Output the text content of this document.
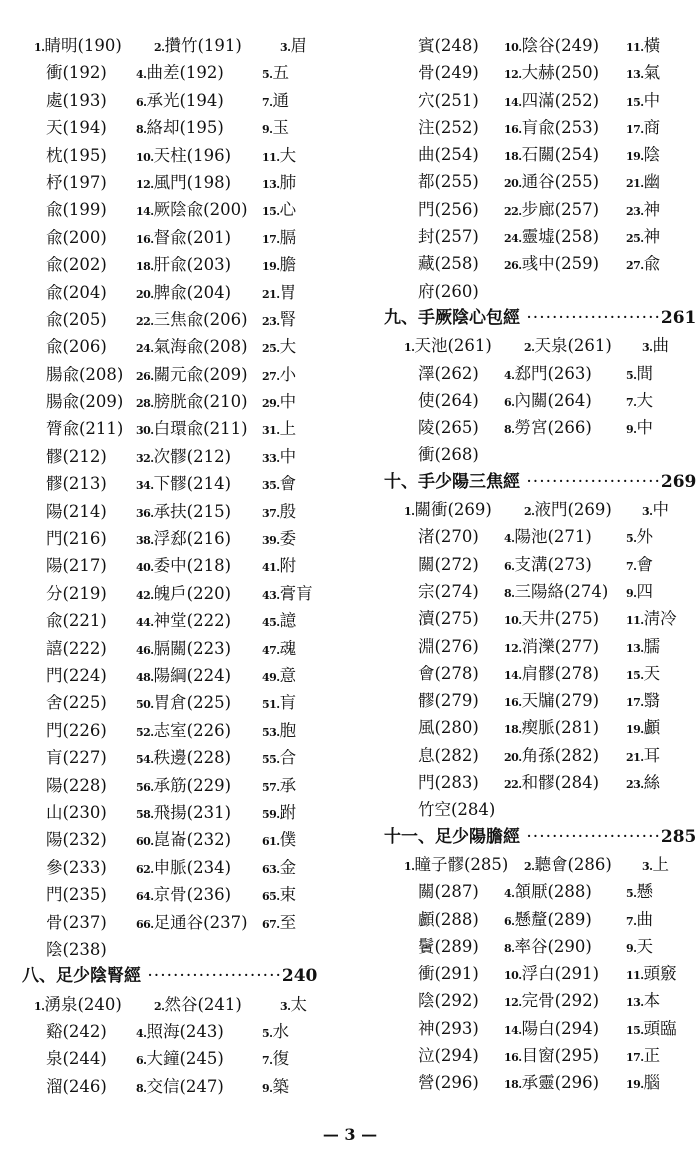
1.睛明(190)	2.攢竹(191)	3.眉
衝(192)	4.曲差(192)	5.五
處(193)	6.承光(194)	7.通
天(194)	8.絡却(195)	9.玉
枕(195)	10.天柱(196)	11.大
杼(197)	12.風門(198)	13.肺
兪(199)	14.厥陰兪(200) 15.心
兪(200)	16.督兪(201)	17.膈
兪(202)	18.肝兪(203)	19.膽
兪(204)	20.脾兪(204)	21.胃
兪(205)	22.三焦兪(206) 23.腎
兪(206)	24.氣海兪(208) 25.大
腸兪(208) 26.關元兪(209) 27.小
腸兪(209) 28.膀胱兪(210) 29.中
膂兪(211) 30.白環兪(211) 31.上
髎(212)	32.次髎(212)	33.中
髎(213)	34.下髎(214)	35.會
陽(214)	36.承扶(215)	37.殷
門(216)	38.浮郄(216)	39.委
陽(217)	40.委中(218)	41.附
分(219)	42.魄戶(220)	43.膏肓
兪(221)	44.神堂(222)	45.譩
譆(222)	46.膈關(223)	47.魂
門(224)	48.陽綱(224)	49.意
舍(225)	50.胃倉(225)	51.肓
門(226)	52.志室(226)	53.胞
肓(227)	54.秩邊(228)	55.合
陽(228)	56.承筋(229)	57.承
山(230)	58.飛揚(231)	59.跗
陽(232)	60.崑崙(232)	61.僕
參(233)	62.申脈(234)	63.金
門(235)	64.京骨(236)	65.束
骨(237)	66.足通谷(237) 67.至
陰(238)
八、足少陰腎經 ·····················240
1.湧泉(240)	2.然谷(241)	3.太
谿(242)	4.照海(243)	5.水
泉(244)	6.大鐘(245)	7.復
溜(246)	8.交信(247)	9.築
賓(248) 10.陰谷(249) 11.橫
骨(249) 12.大赫(250) 13.氣
穴(251) 14.四滿(252) 15.中
注(252) 16.肓兪(253) 17.商
曲(254) 18.石關(254) 19.陰
都(255) 20.通谷(255) 21.幽
門(256) 22.步廊(257) 23.神
封(257) 24.靈墟(258) 25.神
藏(258) 26.彧中(259) 27.兪
府(260)
九、手厥陰心包經 ·····················261
1.天池(261)	2.天泉(261)	3.曲
澤(262) 4.郄門(263)	5.間
使(264) 6.內關(264)	7.大
陵(265) 8.勞宮(266)	9.中
衝(268)
十、手少陽三焦經 ·····················269
1.關衝(269)	2.液門(269)	3.中
渚(270) 4.陽池(271)	5.外
關(272) 6.支溝(273)	7.會
宗(274) 8.三陽絡(274) 9.四
瀆(275) 10.天井(275) 11.淸冷
淵(276) 12.消濼(277) 13.臑
會(278) 14.肩髎(278) 15.天
髎(279) 16.天牖(279) 17.翳
風(280) 18.瘈脈(281) 19.顱
息(282) 20.角孫(282) 21.耳
門(283) 22.和髎(284) 23.絲
竹空(284)
十一、足少陽膽經 ·····················285
1.瞳子髎(285) 2.聽會(286)	3.上
關(287) 4.頷厭(288)	5.懸
顱(288) 6.懸釐(289)	7.曲
鬢(289) 8.率谷(290)	9.天
衝(291) 10.浮白(291) 11.頭竅
陰(292) 12.完骨(292) 13.本
神(293) 14.陽白(294) 15.頭臨
泣(294) 16.目窗(295) 17.正
營(296) 18.承靈(296) 19.腦
— 3 —
